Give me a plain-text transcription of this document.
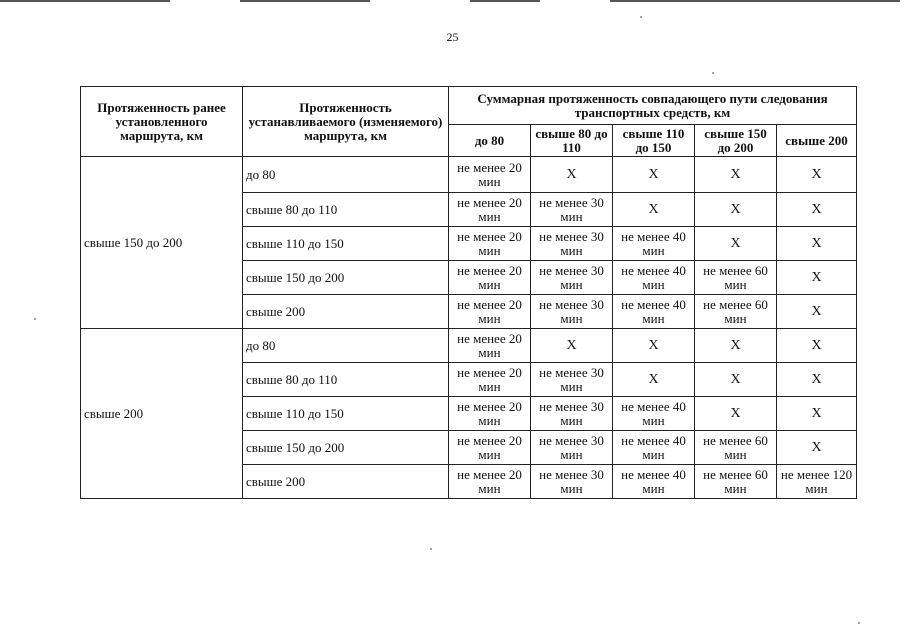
25
Протяженность ранее установленного маршрута, км	Протяженность устанавливаемого (изменяемого) маршрута, км	Суммарная протяженность совпадающего пути следования транспортных средств, км				
		до 80	свыше 80 до 110	свыше 110 до 150	свыше 150 до 200	свыше 200
свыше 150 до 200	до 80	не менее 20 мин	Х	Х	Х	Х
	свыше 80 до 110	не менее 20 мин	не менее 30 мин	Х	Х	Х
	свыше 110 до 150	не менее 20 мин	не менее 30 мин	не менее 40 мин	Х	Х
	свыше 150 до 200	не менее 20 мин	не менее 30 мин	не менее 40 мин	не менее 60 мин	Х
	свыше 200	не менее 20 мин	не менее 30 мин	не менее 40 мин	не менее 60 мин	Х
свыше 200	до 80	не менее 20 мин	Х	Х	Х	Х
	свыше 80 до 110	не менее 20 мин	не менее 30 мин	Х	Х	Х
	свыше 110 до 150	не менее 20 мин	не менее 30 мин	не менее 40 мин	Х	Х
	свыше 150 до 200	не менее 20 мин	не менее 30 мин	не менее 40 мин	не менее 60 мин	Х
	свыше 200	не менее 20 мин	не менее 30 мин	не менее 40 мин	не менее 60 мин	не менее 120 мин
